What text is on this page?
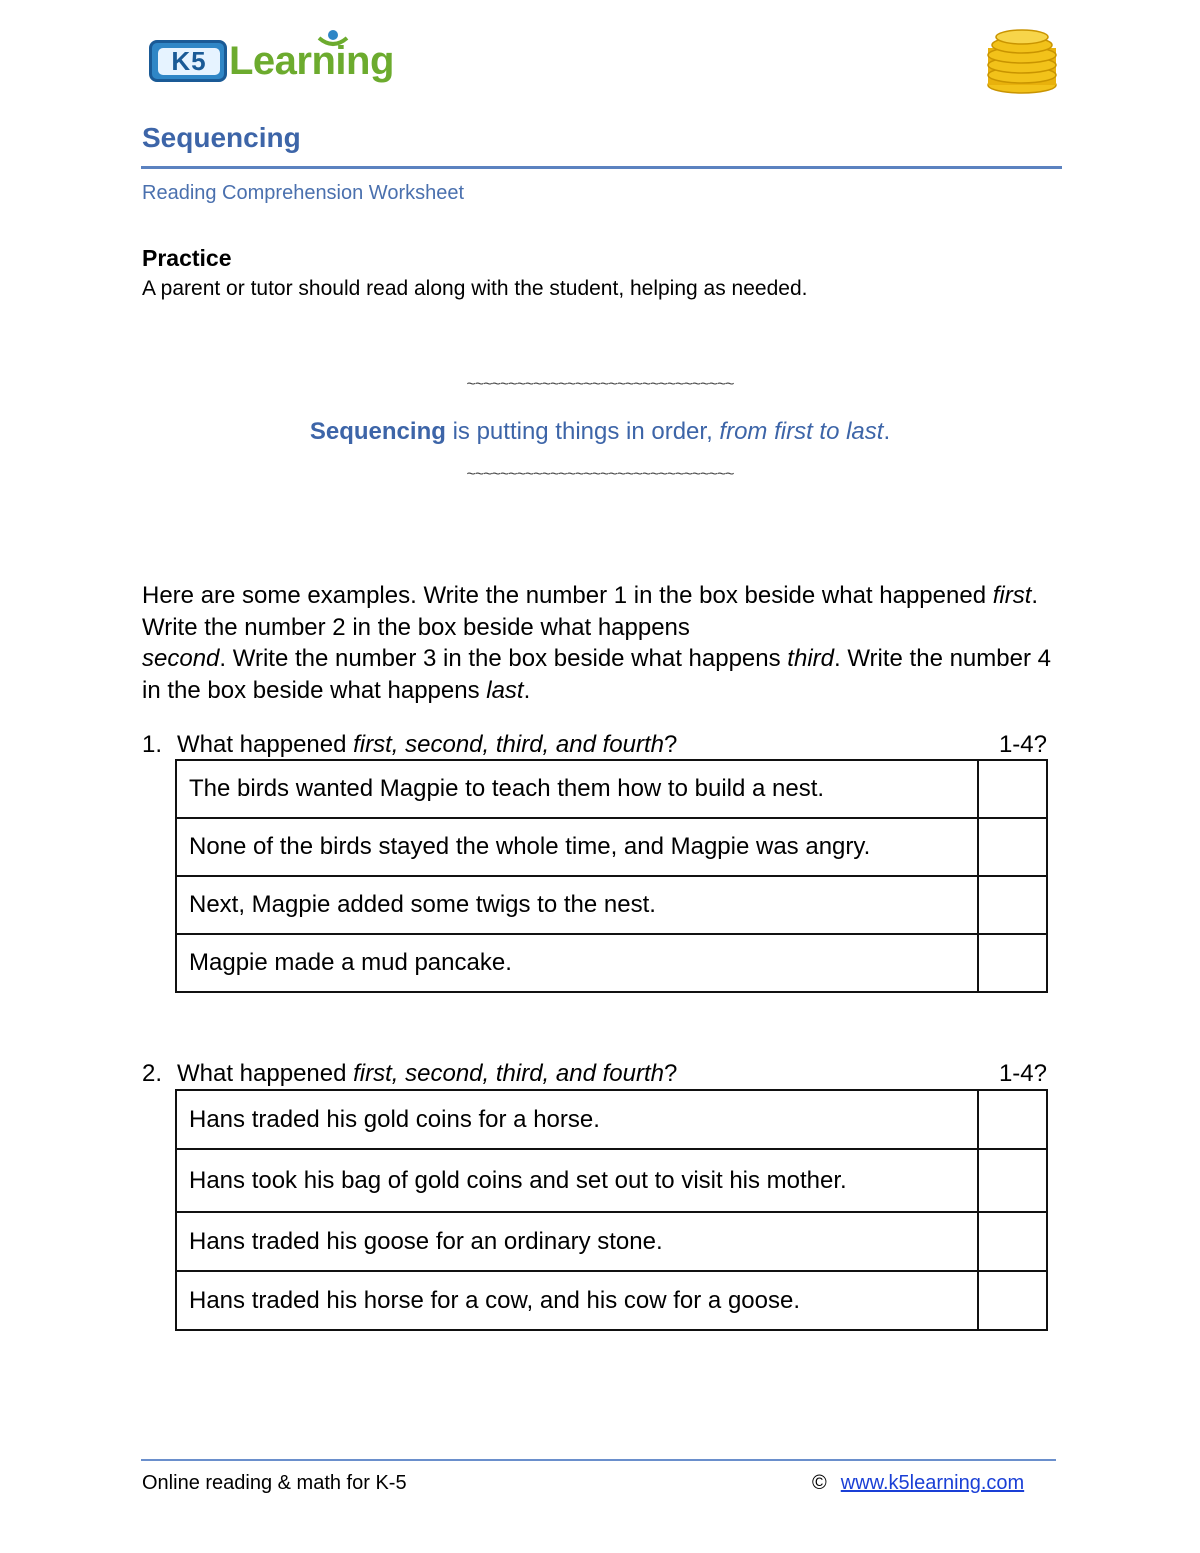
K5 Learning
Sequencing
Reading Comprehension Worksheet
Practice
A parent or tutor should read along with the student, helping as needed.
~~~~~~~~~~~~~~~~~~~~~~~~~~~~~~~~
Sequencing is putting things in order, from first to last.
~~~~~~~~~~~~~~~~~~~~~~~~~~~~~~~~
Here are some examples. Write the number 1 in the box beside what happened first. Write the number 2 in the box beside what happens
second. Write the number 3 in the box beside what happens third. Write the number 4 in the box beside what happens last.
1. What happened first, second, third, and fourth?	1-4?
The birds wanted Magpie to teach them how to build a nest.	
None of the birds stayed the whole time, and Magpie was angry.	
Next, Magpie added some twigs to the nest.	
Magpie made a mud pancake.	
2. What happened first, second, third, and fourth?	1-4?
Hans traded his gold coins for a horse.	
Hans took his bag of gold coins and set out to visit his mother.	
Hans traded his goose for an ordinary stone.	
Hans traded his horse for a cow, and his cow for a goose.	
Online reading & math for K-5	© www.k5learning.com
